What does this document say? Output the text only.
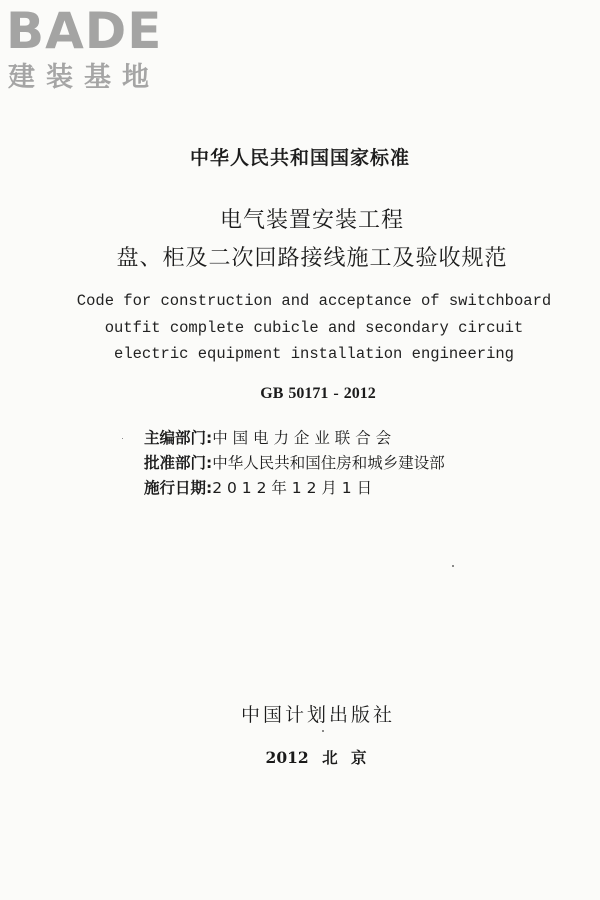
BADE
建装基地
中华人民共和国国家标准
电气装置安装工程
盘、柜及二次回路接线施工及验收规范
Code for construction and acceptance of switchboard
outfit complete cubicle and secondary circuit
electric equipment installation engineering
GB 50171 - 2012
主编部门:中 国 电 力 企 业 联 合 会
批准部门:中华人民共和国住房和城乡建设部
施行日期:2 0 1 2 年 1 2 月 1 日
中国计划出版社
2012 北 京
